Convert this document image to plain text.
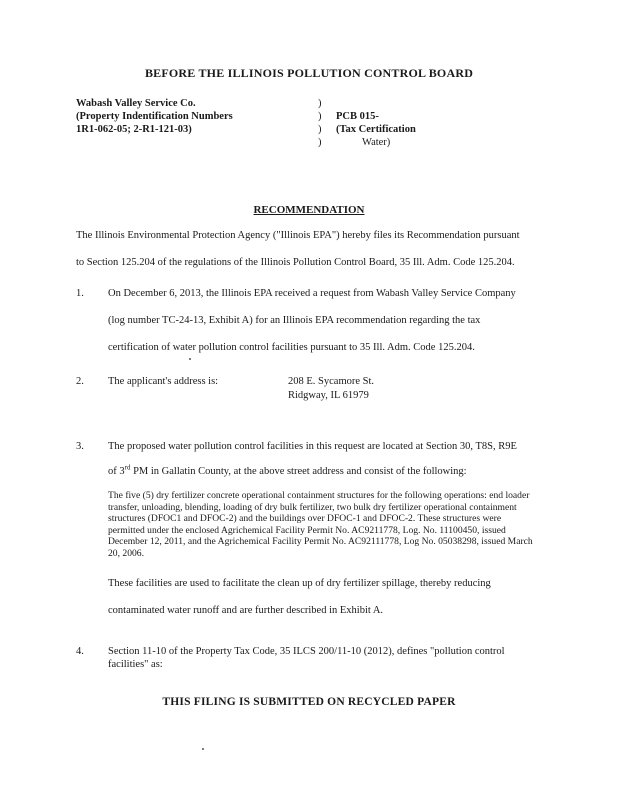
BEFORE THE ILLINOIS POLLUTION CONTROL BOARD
Wabash Valley Service Co.
(Property Indentification Numbers
1R1-062-05; 2-R1-121-03)
)
)
)
)
PCB 015-
(Tax Certification
Water)
RECOMMENDATION
The Illinois Environmental Protection Agency ("Illinois EPA") hereby files its Recommendation pursuant
to Section 125.204 of the regulations of the Illinois Pollution Control Board, 35 Ill. Adm. Code 125.204.
1. On December 6, 2013, the Illinois EPA received a request from Wabash Valley Service Company
(log number TC-24-13, Exhibit A) for an Illinois EPA recommendation regarding the tax
certification of water pollution control facilities pursuant to 35 Ill. Adm. Code 125.204.
2. The applicant's address is:	208 E. Sycamore St.
Ridgway, IL 61979
3. The proposed water pollution control facilities in this request are located at Section 30, T8S, R9E
of 3rd PM in Gallatin County, at the above street address and consist of the following:
The five (5) dry fertilizer concrete operational containment structures for the following operations: end loader transfer, unloading, blending, loading of dry bulk fertilizer, two bulk dry fertilizer operational containment structures (DFOC1 and DFOC-2) and the buildings over DFOC-1 and DFOC-2. These structures were permitted under the enclosed Agrichemical Facility Permit No. AC9211778, Log. No. 11100450, issued December 12, 2011, and the Agrichemical Facility Permit No. AC92111778, Log No. 05038298, issued March 20, 2006.
These facilities are used to facilitate the clean up of dry fertilizer spillage, thereby reducing
contaminated water runoff and are further described in Exhibit A.
4. Section 11-10 of the Property Tax Code, 35 ILCS 200/11-10 (2012), defines "pollution control
facilities" as:
THIS FILING IS SUBMITTED ON RECYCLED PAPER
